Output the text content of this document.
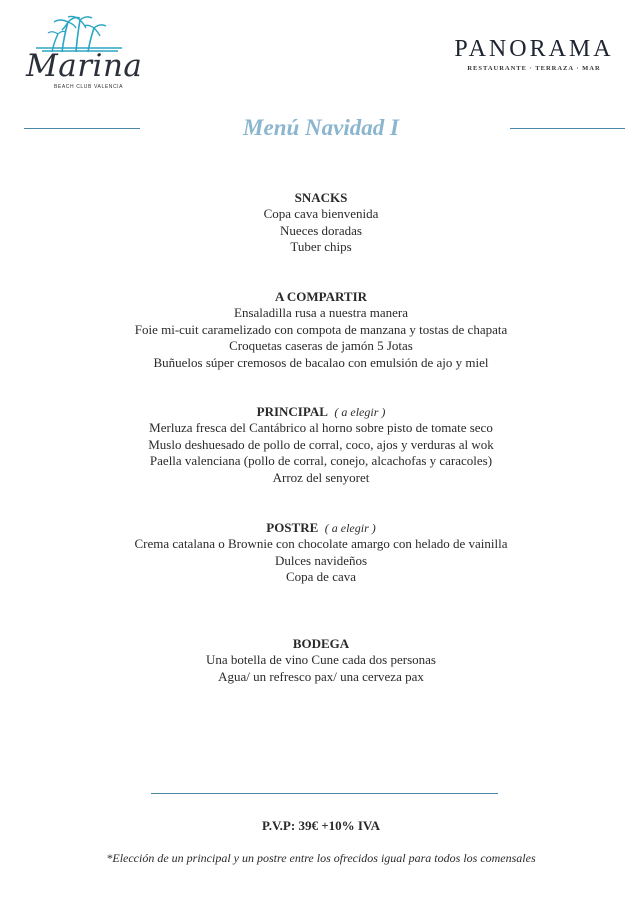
Marina
BEACH CLUB VALENCIA
PANORAMA
RESTAURANTE · TERRAZA · MAR
Menú Navidad I
SNACKS
Copa cava bienvenida
Nueces doradas
Tuber chips
A COMPARTIR
Ensaladilla rusa a nuestra manera
Foie mi-cuit caramelizado con compota de manzana y tostas de chapata
Croquetas caseras de jamón 5 Jotas
Buñuelos súper cremosos de bacalao con emulsión de ajo y miel
PRINCIPAL ( a elegir )
Merluza fresca del Cantábrico al horno sobre pisto de tomate seco
Muslo deshuesado de pollo de corral, coco, ajos y verduras al wok
Paella valenciana (pollo de corral, conejo, alcachofas y caracoles)
Arroz del senyoret
POSTRE ( a elegir )
Crema catalana o Brownie con chocolate amargo con helado de vainilla
Dulces navideños
Copa de cava
BODEGA
Una botella de vino Cune cada dos personas
Agua/ un refresco pax/ una cerveza pax
P.V.P: 39€ +10% IVA
*Elección de un principal y un postre entre los ofrecidos igual para todos los comensales
